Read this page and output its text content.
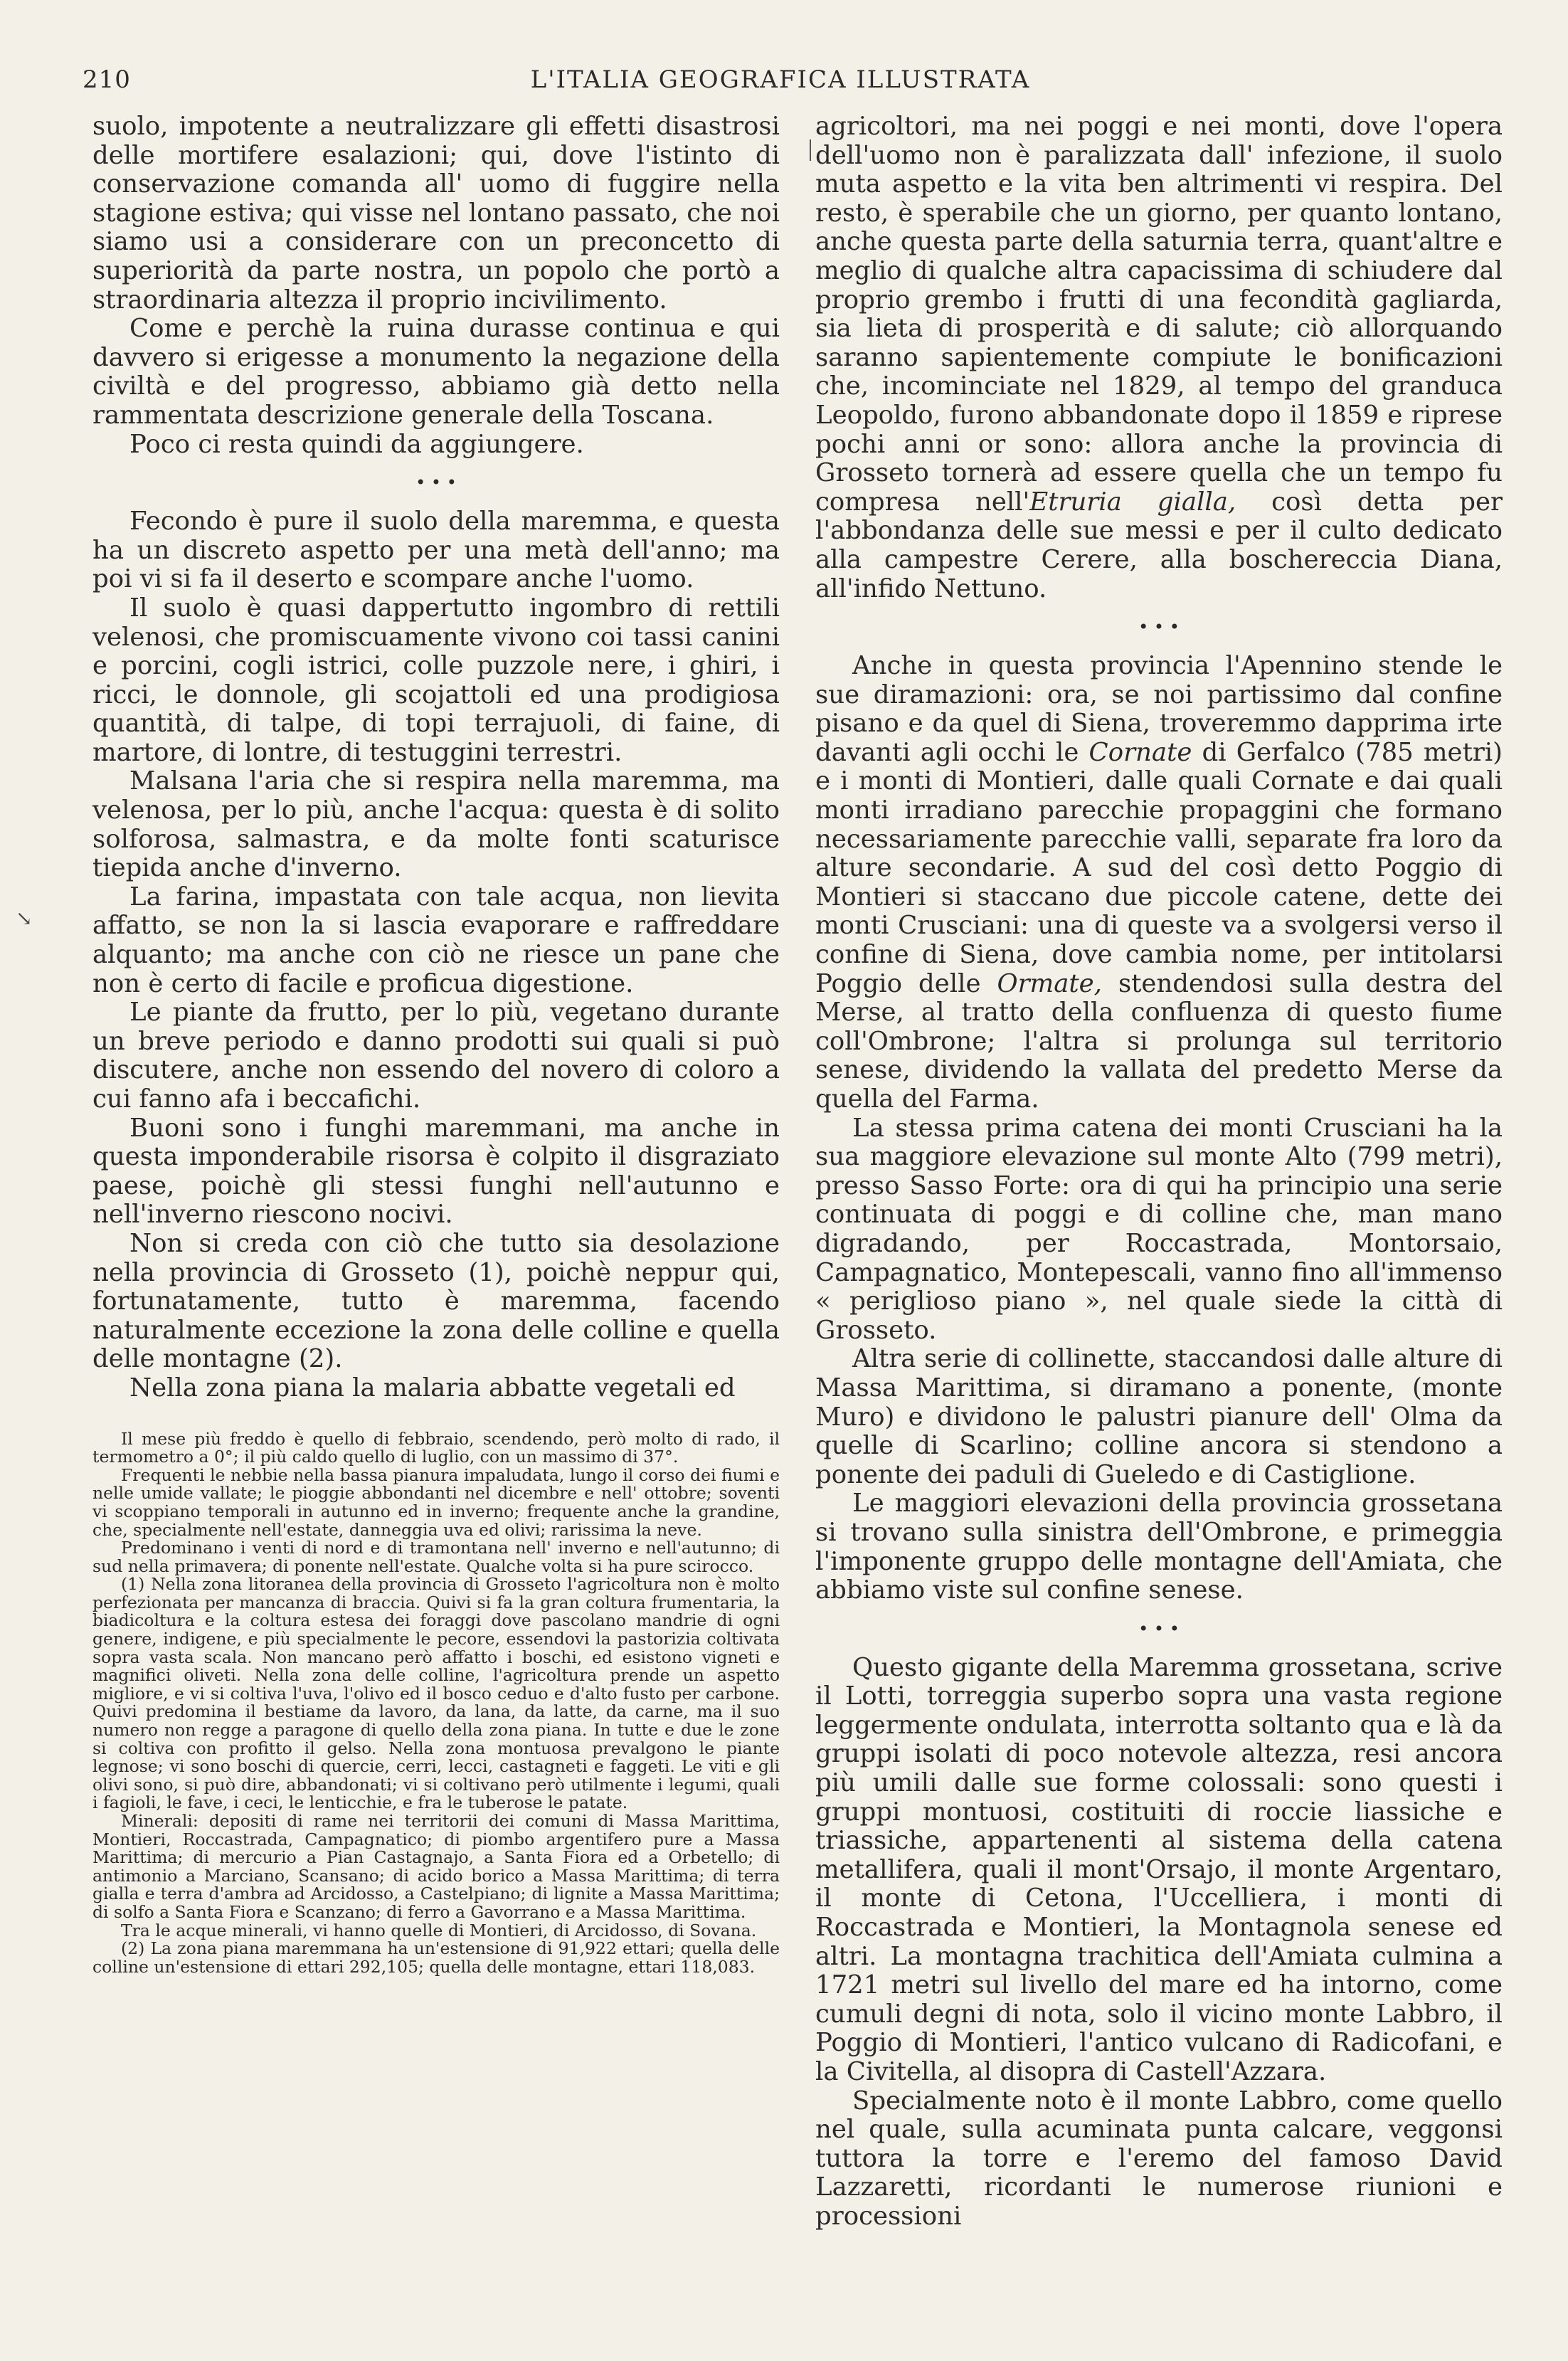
210	L'ITALIA GEOGRAFICA ILLUSTRATA
↘

suolo, impotente a neutralizzare gli effetti disastrosi delle mortifere esalazioni; qui, dove l'istinto di conservazione comanda all' uomo di fuggire nella stagione estiva; qui visse nel lontano passato, che noi siamo usi a considerare con un preconcetto di superiorità da parte nostra, un popolo che portò a straordinaria altezza il proprio incivilimento.

Come e perchè la ruina durasse continua e qui davvero si erigesse a monumento la negazione della civiltà e del progresso, abbiamo già detto nella rammentata descrizione generale della Toscana.

Poco ci resta quindi da aggiungere.

• • •

Fecondo è pure il suolo della maremma, e questa ha un discreto aspetto per una metà dell'anno; ma poi vi si fa il deserto e scompare anche l'uomo.

Il suolo è quasi dappertutto ingombro di rettili velenosi, che promiscuamente vivono coi tassi canini e porcini, cogli istrici, colle puzzole nere, i ghiri, i ricci, le donnole, gli scojattoli ed una prodigiosa quantità, di talpe, di topi terrajuoli, di faine, di martore, di lontre, di testuggini terrestri.

Malsana l'aria che si respira nella maremma, ma velenosa, per lo più, anche l'acqua: questa è di solito solforosa, salmastra, e da molte fonti scaturisce tiepida anche d'inverno.

La farina, impastata con tale acqua, non lievita affatto, se non la si lascia evaporare e raffreddare alquanto; ma anche con ciò ne riesce un pane che non è certo di facile e proficua digestione.

Le piante da frutto, per lo più, vegetano durante un breve periodo e danno prodotti sui quali si può discutere, anche non essendo del novero di coloro a cui fanno afa i beccafichi.

Buoni sono i funghi maremmani, ma anche in questa imponderabile risorsa è colpito il disgraziato paese, poichè gli stessi funghi nell'autunno e nell'inverno riescono nocivi.

Non si creda con ciò che tutto sia desolazione nella provincia di Grosseto (1), poichè neppur qui, fortunatamente, tutto è maremma, facendo naturalmente eccezione la zona delle colline e quella delle montagne (2).

Nella zona piana la malaria abbatte vegetali ed

Il mese più freddo è quello di febbraio, scendendo, però molto di rado, il termometro a 0°; il più caldo quello di luglio, con un massimo di 37°.

Frequenti le nebbie nella bassa pianura impaludata, lungo il corso dei fiumi e nelle umide vallate; le pioggie abbondanti nel dicembre e nell' ottobre; soventi vi scoppiano temporali in autunno ed in inverno; frequente anche la grandine, che, specialmente nell'estate, danneggia uva ed olivi; rarissima la neve.

Predominano i venti di nord e di tramontana nell' inverno e nell'autunno; di sud nella primavera; di ponente nell'estate. Qualche volta si ha pure scirocco.

(1) Nella zona litoranea della provincia di Grosseto l'agricoltura non è molto perfezionata per mancanza di braccia. Quivi si fa la gran coltura frumentaria, la biadicoltura e la coltura estesa dei foraggi dove pascolano mandrie di ogni genere, indigene, e più specialmente le pecore, essendovi la pastorizia coltivata sopra vasta scala. Non mancano però affatto i boschi, ed esistono vigneti e magnifici oliveti. Nella zona delle colline, l'agricoltura prende un aspetto migliore, e vi si coltiva l'uva, l'olivo ed il bosco ceduo e d'alto fusto per carbone. Quivi predomina il bestiame da lavoro, da lana, da latte, da carne, ma il suo numero non regge a paragone di quello della zona piana. In tutte e due le zone si coltiva con profitto il gelso. Nella zona montuosa prevalgono le piante legnose; vi sono boschi di quercie, cerri, lecci, castagneti e faggeti. Le viti e gli olivi sono, si può dire, abbandonati; vi si coltivano però utilmente i legumi, quali i fagioli, le fave, i ceci, le lenticchie, e fra le tuberose le patate.

Minerali: depositi di rame nei territorii dei comuni di Massa Marittima, Montieri, Roccastrada, Campagnatico; di piombo argentifero pure a Massa Marittima; di mercurio a Pian Castagnajo, a Santa Fiora ed a Orbetello; di antimonio a Marciano, Scansano; di acido borico a Massa Marittima; di terra gialla e terra d'ambra ad Arcidosso, a Castelpiano; di lignite a Massa Marittima; di solfo a Santa Fiora e Scanzano; di ferro a Gavorrano e a Massa Marittima.

Tra le acque minerali, vi hanno quelle di Montieri, di Arcidosso, di Sovana.

(2) La zona piana maremmana ha un'estensione di 91,922 ettari; quella delle colline un'estensione di ettari 292,105; quella delle montagne, ettari 118,083.

agricoltori, ma nei poggi e nei monti, dove l'opera dell'uomo non è paralizzata dall' infezione, il suolo muta aspetto e la vita ben altrimenti vi respira. Del resto, è sperabile che un giorno, per quanto lontano, anche questa parte della saturnia terra, quant'altre e meglio di qualche altra capacissima di schiudere dal proprio grembo i frutti di una fecondità gagliarda, sia lieta di prosperità e di salute; ciò allorquando saranno sapientemente compiute le bonificazioni che, incominciate nel 1829, al tempo del granduca Leopoldo, furono abbandonate dopo il 1859 e riprese pochi anni or sono: allora anche la provincia di Grosseto tornerà ad essere quella che un tempo fu compresa nell'Etruria gialla, così detta per l'abbondanza delle sue messi e per il culto dedicato alla campestre Cerere, alla boschereccia Diana, all'infido Nettuno.

• • •

Anche in questa provincia l'Apennino stende le sue diramazioni: ora, se noi partissimo dal confine pisano e da quel di Siena, troveremmo dapprima irte davanti agli occhi le Cornate di Gerfalco (785 metri) e i monti di Montieri, dalle quali Cornate e dai quali monti irradiano parecchie propaggini che formano necessariamente parecchie valli, separate fra loro da alture secondarie. A sud del così detto Poggio di Montieri si staccano due piccole catene, dette dei monti Crusciani: una di queste va a svolgersi verso il confine di Siena, dove cambia nome, per intitolarsi Poggio delle Ormate, stendendosi sulla destra del Merse, al tratto della confluenza di questo fiume coll'Ombrone; l'altra si prolunga sul territorio senese, dividendo la vallata del predetto Merse da quella del Farma.

La stessa prima catena dei monti Crusciani ha la sua maggiore elevazione sul monte Alto (799 metri), presso Sasso Forte: ora di qui ha principio una serie continuata di poggi e di colline che, man mano digradando, per Roccastrada, Montorsaio, Campagnatico, Montepescali, vanno fino all'immenso « periglioso piano », nel quale siede la città di Grosseto.

Altra serie di collinette, staccandosi dalle alture di Massa Marittima, si diramano a ponente, (monte Muro) e dividono le palustri pianure dell' Olma da quelle di Scarlino; colline ancora si stendono a ponente dei paduli di Gueledo e di Castiglione.

Le maggiori elevazioni della provincia grossetana si trovano sulla sinistra dell'Ombrone, e primeggia l'imponente gruppo delle montagne dell'Amiata, che abbiamo viste sul confine senese.

• • •

Questo gigante della Maremma grossetana, scrive il Lotti, torreggia superbo sopra una vasta regione leggermente ondulata, interrotta soltanto qua e là da gruppi isolati di poco notevole altezza, resi ancora più umili dalle sue forme colossali: sono questi i gruppi montuosi, costituiti di roccie liassiche e triassiche, appartenenti al sistema della catena metallifera, quali il mont'Orsajo, il monte Argentaro, il monte di Cetona, l'Uccelliera, i monti di Roccastrada e Montieri, la Montagnola senese ed altri. La montagna trachitica dell'Amiata culmina a 1721 metri sul livello del mare ed ha intorno, come cumuli degni di nota, solo il vicino monte Labbro, il Poggio di Montieri, l'antico vulcano di Radicofani, e la Civitella, al disopra di Castell'Azzara.

Specialmente noto è il monte Labbro, come quello nel quale, sulla acuminata punta calcare, veggonsi tuttora la torre e l'eremo del famoso David Lazzaretti, ricordanti le numerose riunioni e processioni
